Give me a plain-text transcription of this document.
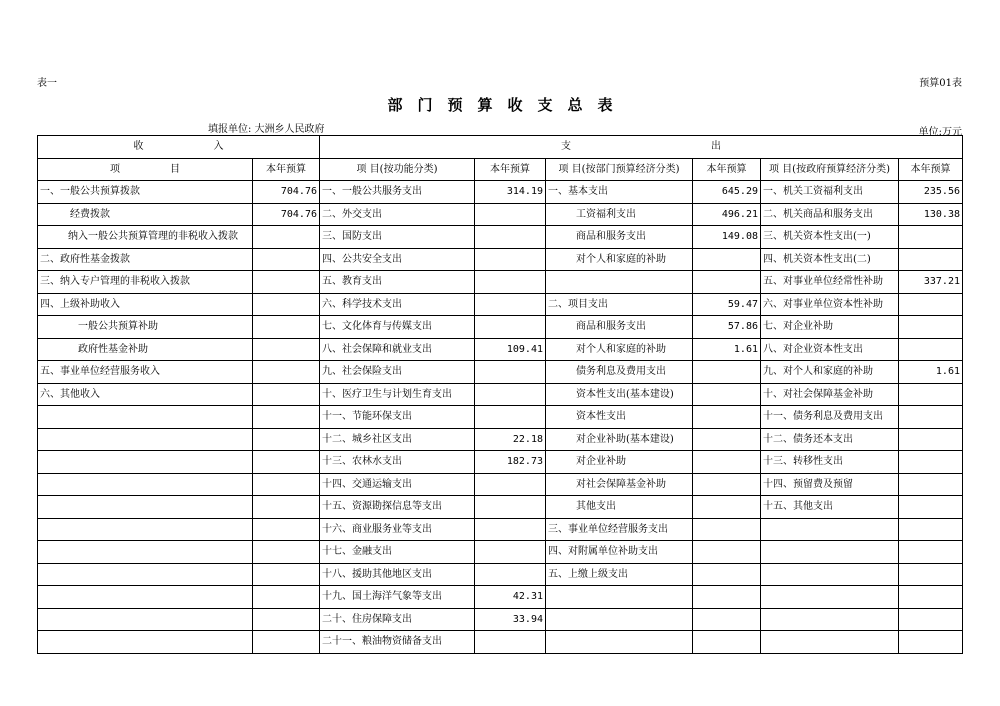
表一	预算01表
部门预算收支总表
填报单位: 大洲乡人民政府	单位:万元
收　　　　　　　入		支　　　　　　　　　　　　　　出					
项　　　　　目	本年预算	项 目(按功能分类)	本年预算	项 目(按部门预算经济分类)	本年预算	项 目(按政府预算经济分类)	本年预算
一、一般公共预算拨款	704.76	一、一般公共服务支出	314.19	一、基本支出	645.29	一、机关工资福利支出	235.56
经费拨款	704.76	二、外交支出		工资福利支出	496.21	二、机关商品和服务支出	130.38
纳入一般公共预算管理的非税收入拨款		三、国防支出		商品和服务支出	149.08	三、机关资本性支出(一)	
二、政府性基金拨款		四、公共安全支出		对个人和家庭的补助		四、机关资本性支出(二)	
三、纳入专户管理的非税收入拨款		五、教育支出				五、对事业单位经常性补助	337.21
四、上级补助收入		六、科学技术支出		二、项目支出	59.47	六、对事业单位资本性补助	
一般公共预算补助		七、文化体育与传媒支出		商品和服务支出	57.86	七、对企业补助	
政府性基金补助		八、社会保障和就业支出	109.41	对个人和家庭的补助	1.61	八、对企业资本性支出	
五、事业单位经营服务收入		九、社会保险支出		债务利息及费用支出		九、对个人和家庭的补助	1.61
六、其他收入		十、医疗卫生与计划生育支出		资本性支出(基本建设)		十、对社会保障基金补助	
		十一、节能环保支出		资本性支出		十一、债务利息及费用支出	
		十二、城乡社区支出	22.18	对企业补助(基本建设)		十二、债务还本支出	
		十三、农林水支出	182.73	对企业补助		十三、转移性支出	
		十四、交通运输支出		对社会保障基金补助		十四、预留费及预留	
		十五、资源勘探信息等支出		其他支出		十五、其他支出	
		十六、商业服务业等支出		三、事业单位经营服务支出			
		十七、金融支出		四、对附属单位补助支出			
		十八、援助其他地区支出		五、上缴上级支出			
		十九、国土海洋气象等支出	42.31				
		二十、住房保障支出	33.94				
		二十一、粮油物资储备支出					
